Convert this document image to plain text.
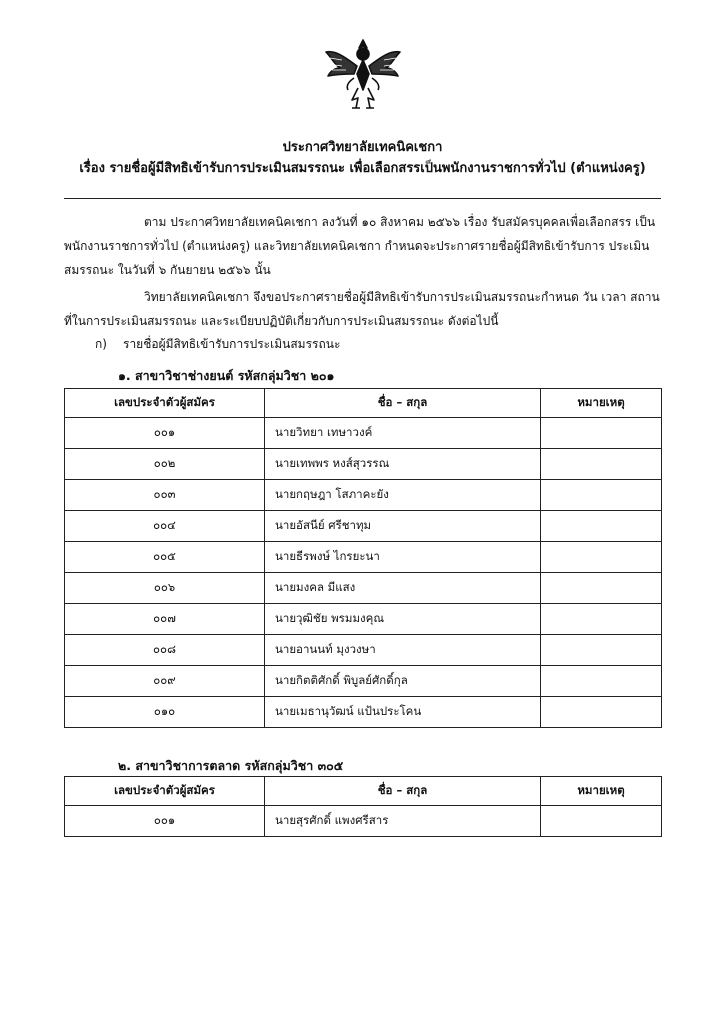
ประกาศวิทยาลัยเทคนิคเชกา
เรื่อง รายชื่อผู้มีสิทธิเข้ารับการประเมินสมรรถนะ เพื่อเลือกสรรเป็นพนักงานราชการทั่วไป (ตำแหน่งครู)
ตาม ประกาศวิทยาลัยเทคนิคเชกา ลงวันที่ ๑๐ สิงหาคม ๒๕๖๖ เรื่อง รับสมัครบุคคลเพื่อเลือกสรร เป็นพนักงานราชการทั่วไป (ตำแหน่งครู) และวิทยาลัยเทคนิคเชกา กำหนดจะประกาศรายชื่อผู้มีสิทธิเข้ารับการ ประเมินสมรรถนะ ในวันที่ ๖ กันยายน ๒๕๖๖ นั้น
วิทยาลัยเทคนิคเชกา จึงขอประกาศรายชื่อผู้มีสิทธิเข้ารับการประเมินสมรรถนะกำหนด วัน เวลา สถานที่ในการประเมินสมรรถนะ และระเบียบปฏิบัติเกี่ยวกับการประเมินสมรรถนะ ดังต่อไปนี้
ก) รายชื่อผู้มีสิทธิเข้ารับการประเมินสมรรถนะ
๑. สาขาวิชาช่างยนต์ รหัสกลุ่มวิชา ๒๐๑
เลขประจำตัวผู้สมัคร	ชื่อ – สกุล	หมายเหตุ
๐๐๑	นายวิทยา เทษาวงค์	
๐๐๒	นายเทพพร หงส์สุวรรณ	
๐๐๓	นายกฤษฎา โสภาคะยัง	
๐๐๔	นายอัสนีย์ ศรีชาทุม	
๐๐๕	นายธีรพงษ์ ไกรยะนา	
๐๐๖	นายมงคล มีแสง	
๐๐๗	นายวุฒิชัย พรมมงคุณ	
๐๐๘	นายอานนท์ มุงวงษา	
๐๐๙	นายกิตติศักดิ์ พิบูลย์ศักดิ์กุล	
๐๑๐	นายเมธานุวัฒน์ แป้นประโคน	
๒. สาขาวิชาการตลาด รหัสกลุ่มวิชา ๓๐๕
เลขประจำตัวผู้สมัคร	ชื่อ – สกุล	หมายเหตุ
๐๐๑	นายสุรศักดิ์ แพงศรีสาร	
